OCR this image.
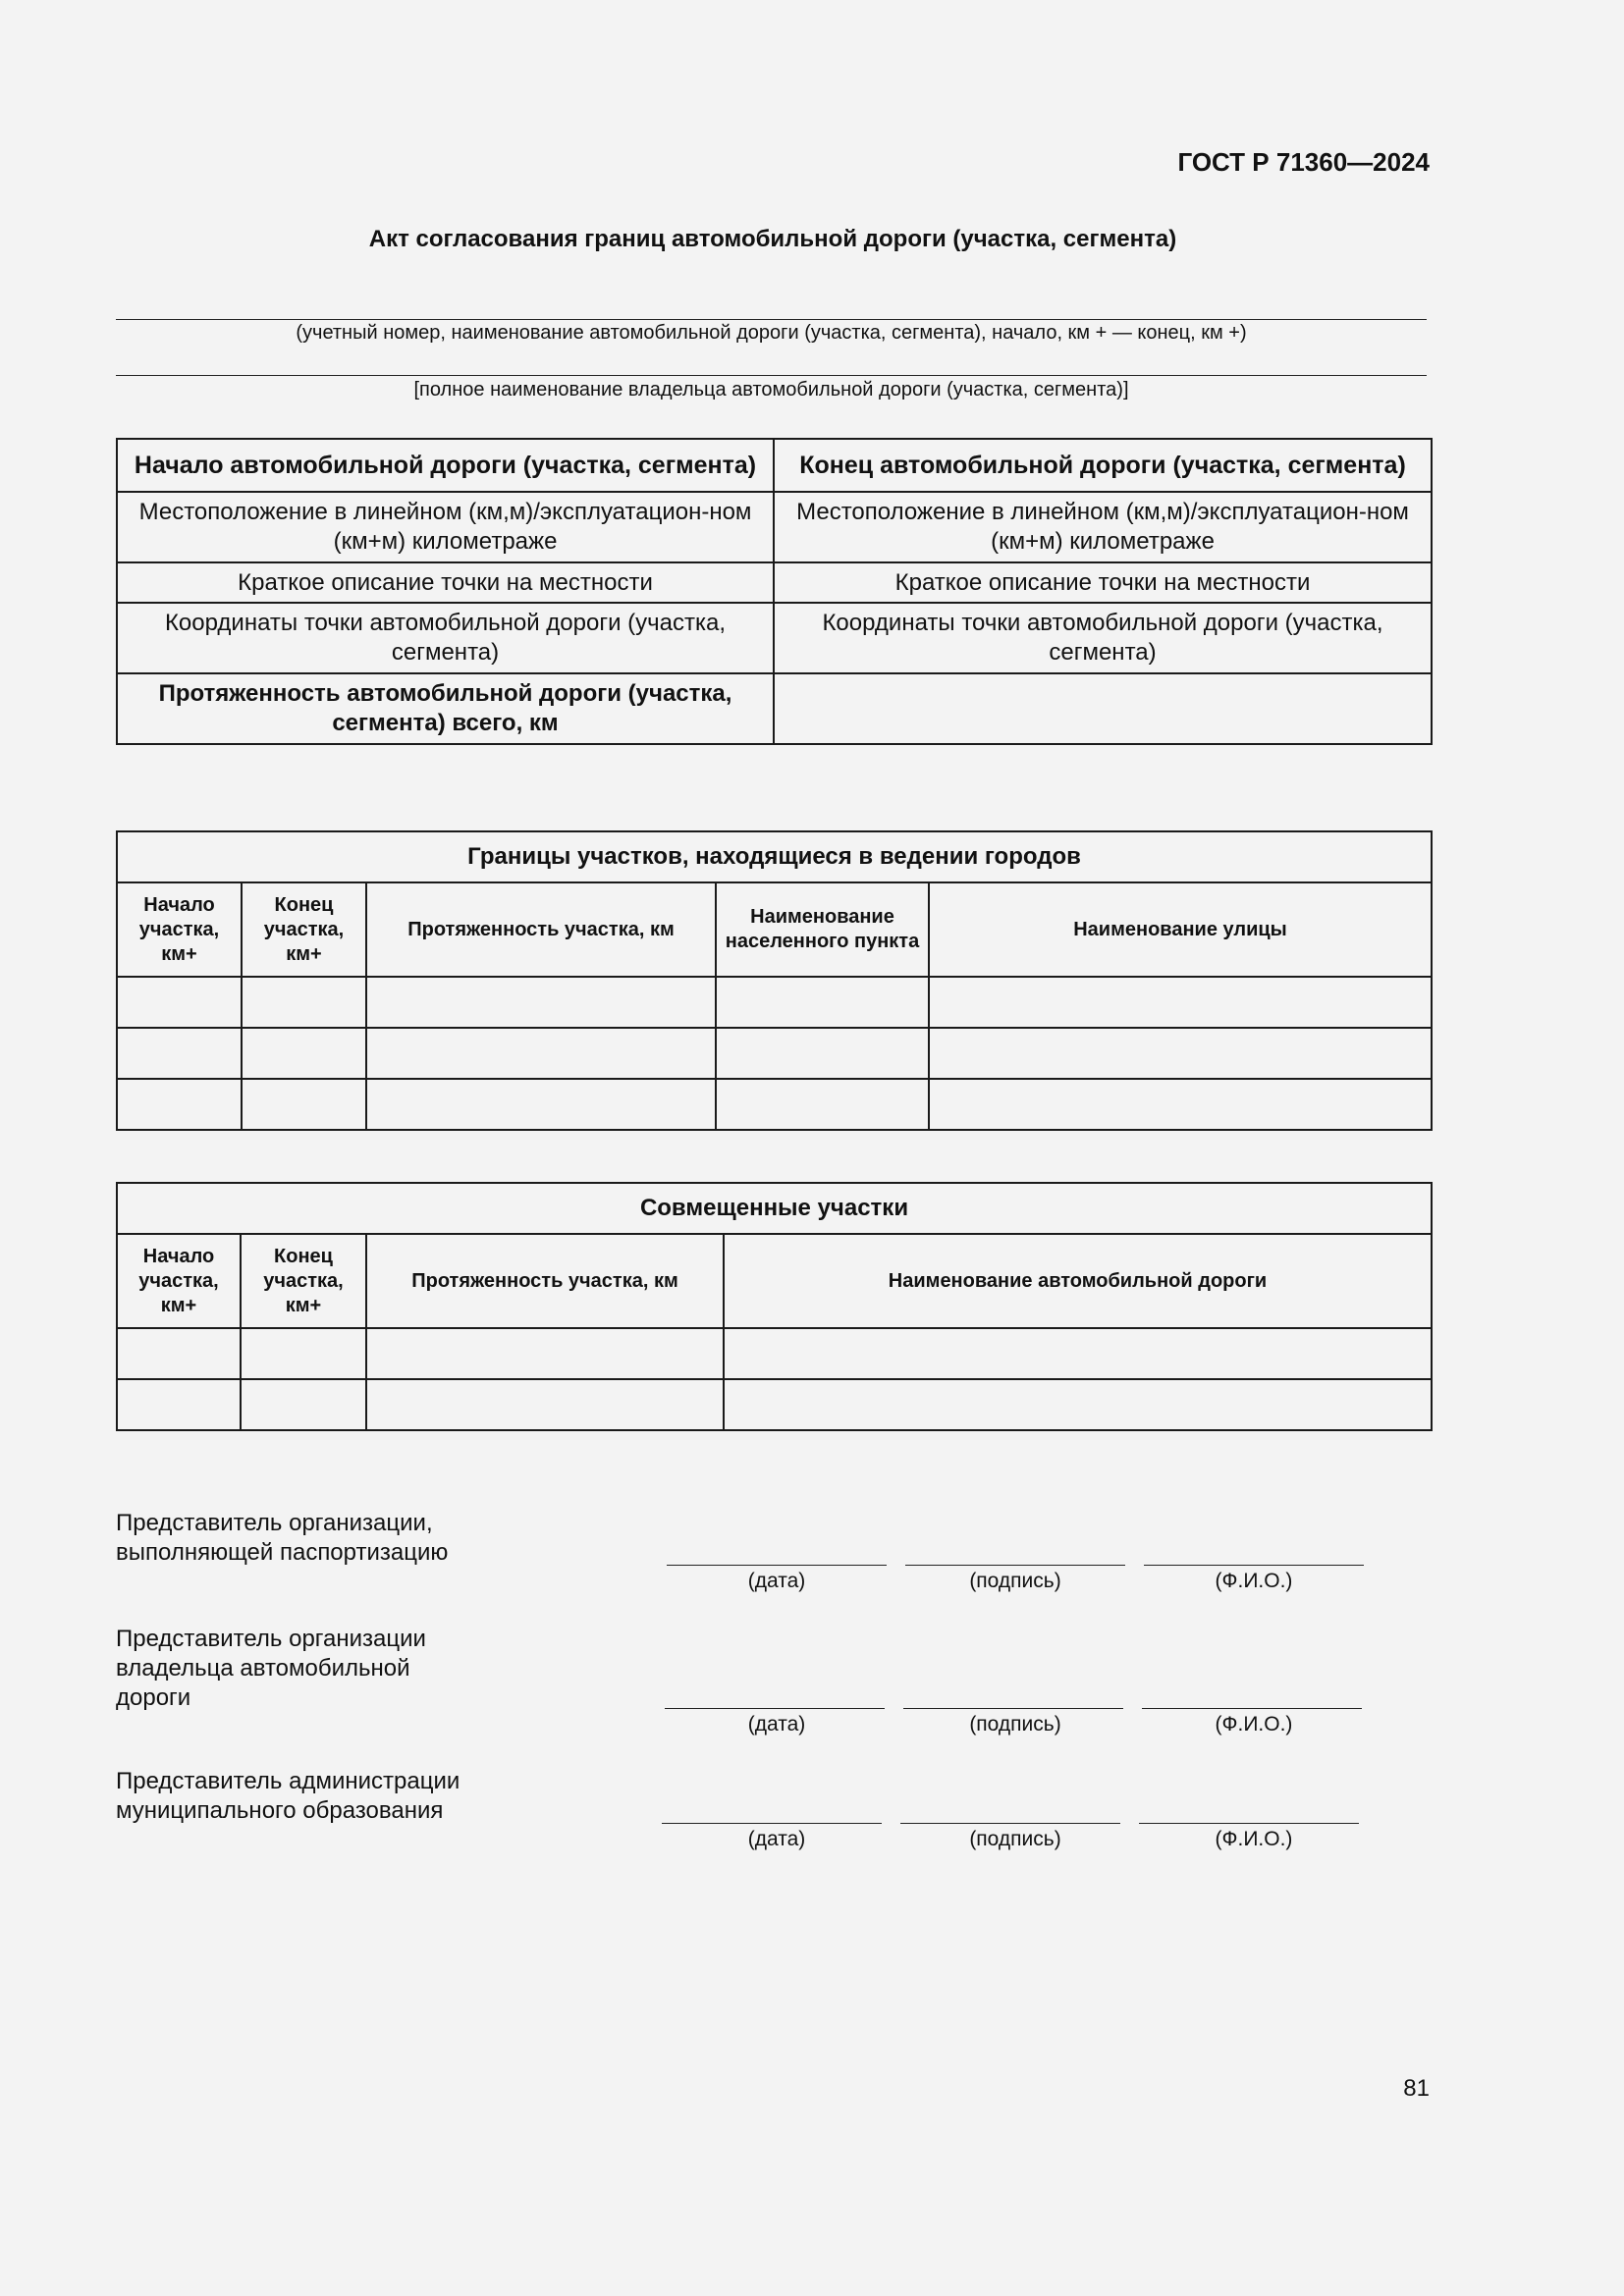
ГОСТ Р 71360—2024
Акт согласования границ автомобильной дороги (участка, сегмента)
(учетный номер, наименование автомобильной дороги (участка, сегмента), начало, км + — конец, км +)
[полное наименование владельца автомобильной дороги (участка, сегмента)]
Начало автомобильной дороги (участка, сегмента)	Конец автомобильной дороги (участка, сегмента)
Местоположение в линейном (км,м)/эксплуатацион-ном (км+м) километраже	Местоположение в линейном (км,м)/эксплуатацион-ном (км+м) километраже
Краткое описание точки на местности	Краткое описание точки на местности
Координаты точки автомобильной дороги (участка, сегмента)	Координаты точки автомобильной дороги (участка, сегмента)
Протяженность автомобильной дороги (участка, сегмента) всего, км	
Границы участков, находящиеся в ведении городов				
Начало участка, км+	Конец участка, км+	Протяженность участка, км	Наименование населенного пункта	Наименование улицы

Совмещенные участки			
Начало участка, км+	Конец участка, км+	Протяженность участка, км	Наименование автомобильной дороги

Представитель организации, выполняющей паспортизацию
(дата)	(подпись)	(Ф.И.О.)
Представитель организации владельца автомобильной дороги
(дата)	(подпись)	(Ф.И.О.)
Представитель администрации муниципального образования
(дата)	(подпись)	(Ф.И.О.)
81
